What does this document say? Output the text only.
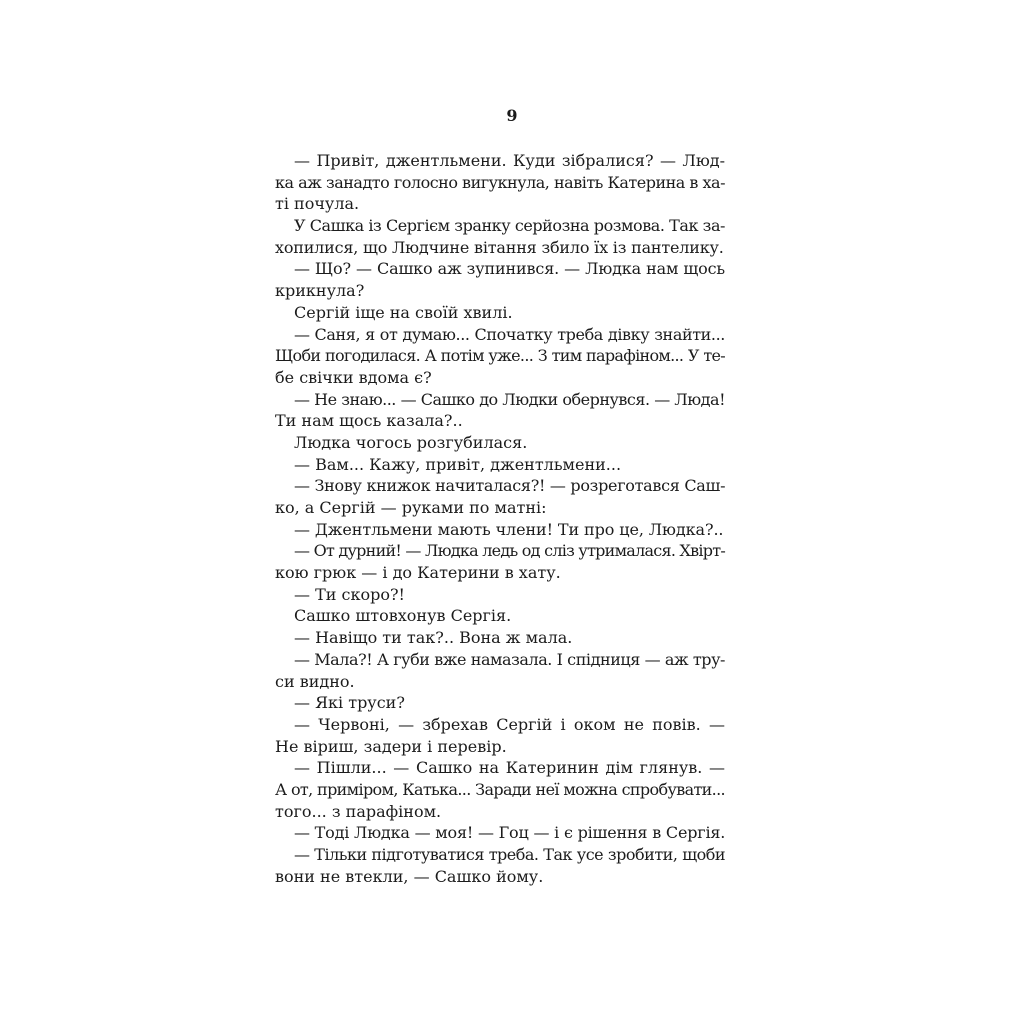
9
— Привіт, джентльмени. Куди зібралися? — Люд-
ка аж занадто голосно вигукнула, навіть Катерина в ха-
ті почула.
У Сашка із Сергієм зранку серйозна розмова. Так за-
хопилися, що Людчине вітання збило їх із пантелику.
— Що? — Сашко аж зупинився. — Людка нам щось
крикнула?
Сергій іще на своїй хвилі.
— Саня, я от думаю... Спочатку треба дівку знайти...
Щоби погодилася. А потім уже... З тим парафіном... У те-
бе свічки вдома є?
— Не знаю... — Сашко до Людки обернувся. — Люда!
Ти нам щось казала?..
Людка чогось розгубилася.
— Вам... Кажу, привіт, джентльмени...
— Знову книжок начиталася?! — розреготався Саш-
ко, а Сергій — руками по матні:
— Джентльмени мають члени! Ти про це, Людка?..
— От дурний! — Людка ледь од сліз утрималася. Хвірт-
кою грюк — і до Катерини в хату.
— Ти скоро?!
Сашко штовхонув Сергія.
— Навіщо ти так?.. Вона ж мала.
— Мала?! А губи вже намазала. І спідниця — аж тру-
си видно.
— Які труси?
— Червоні, — збрехав Сергій і оком не повів. —
Не віриш, задери і перевір.
— Пішли... — Сашко на Катеринин дім глянув. —
А от, приміром, Катька... Заради неї можна спробувати...
того... з парафіном.
— Тоді Людка — моя! — Гоц — і є рішення в Сергія.
— Тільки підготуватися треба. Так усе зробити, щоби
вони не втекли, — Сашко йому.
